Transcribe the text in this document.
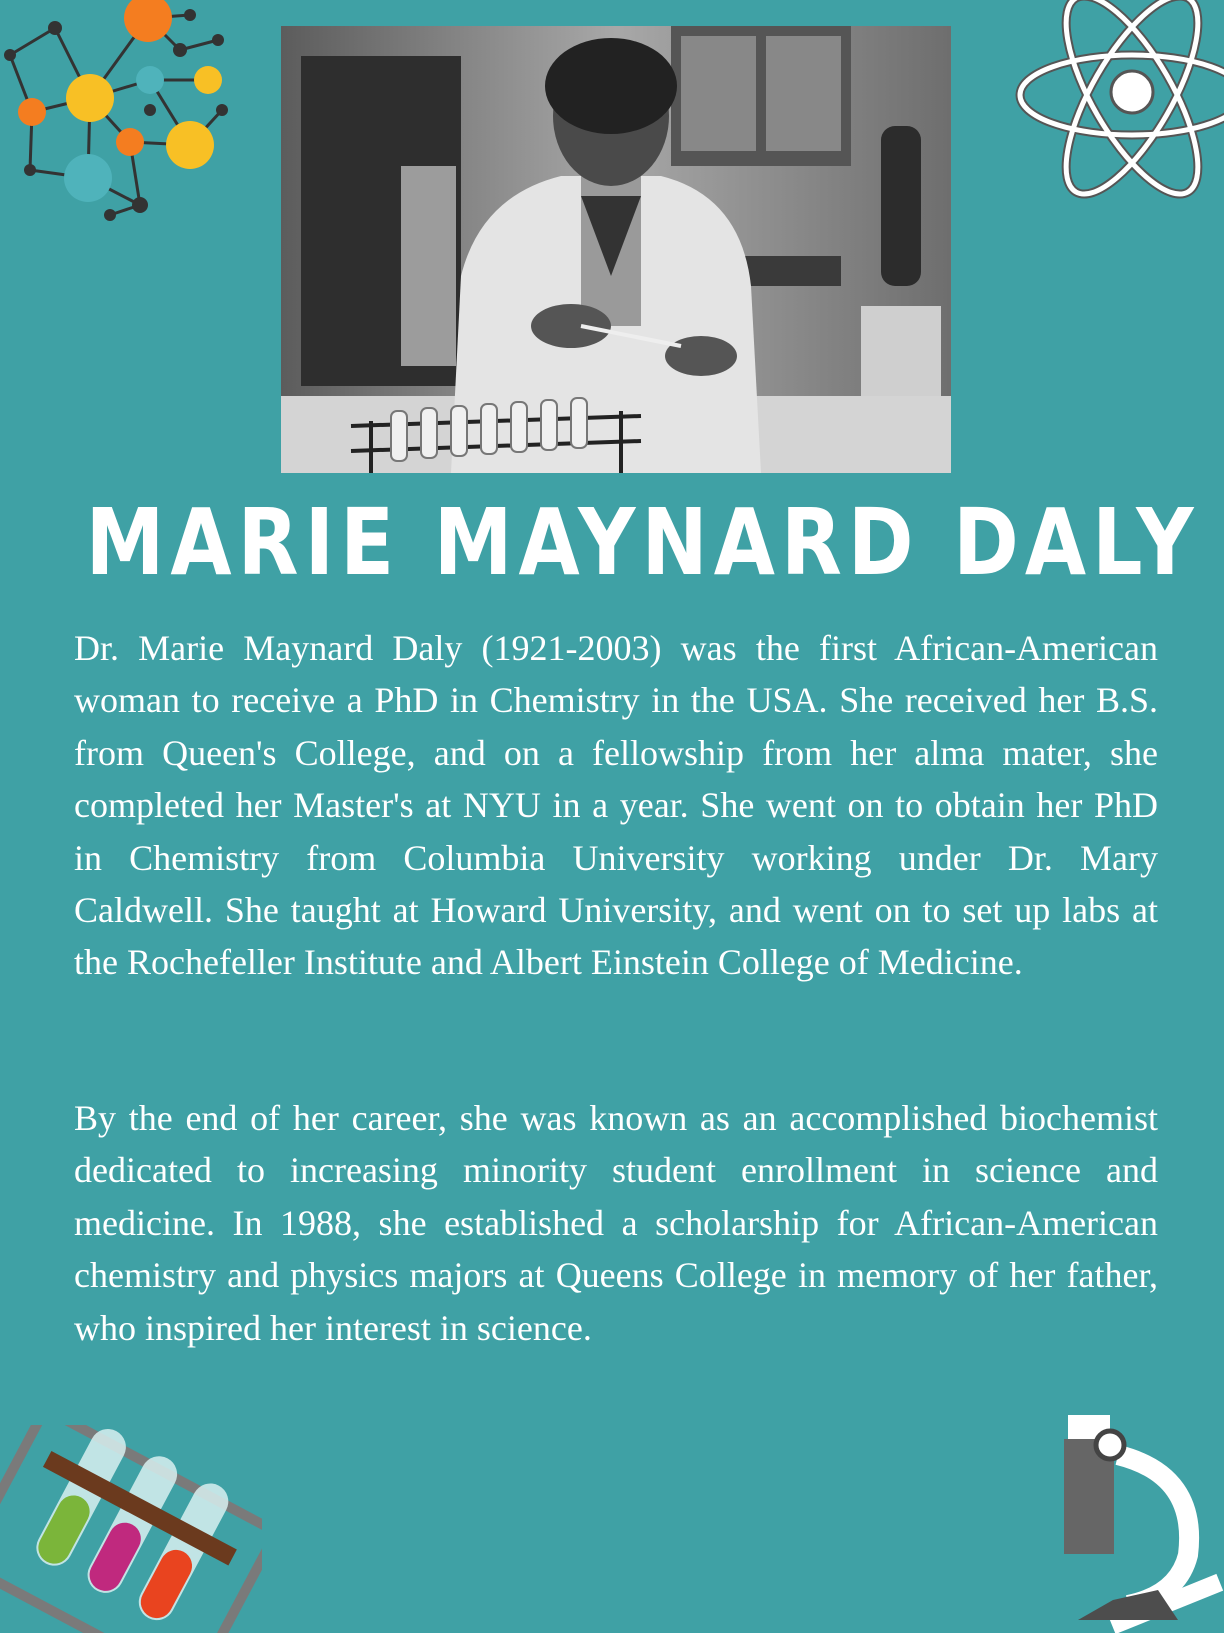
MARIE MAYNARD DALY

Dr. Marie Maynard Daly (1921-2003) was the first African-American woman to receive a PhD in Chemistry in the USA. She received her B.S. from Queen's College, and on a fellowship from her alma mater, she completed her Master's at NYU in a year. She went on to obtain her PhD in Chemistry from Columbia University working under Dr. Mary Caldwell. She taught at Howard University, and went on to set up labs at the Rochefeller Institute and Albert Einstein College of Medicine.

By the end of her career, she was known as an accomplished biochemist dedicated to increasing minority student enrollment in science and medicine. In 1988, she established a scholarship for African-American chemistry and physics majors at Queens College in memory of her father, who inspired her interest in science.
